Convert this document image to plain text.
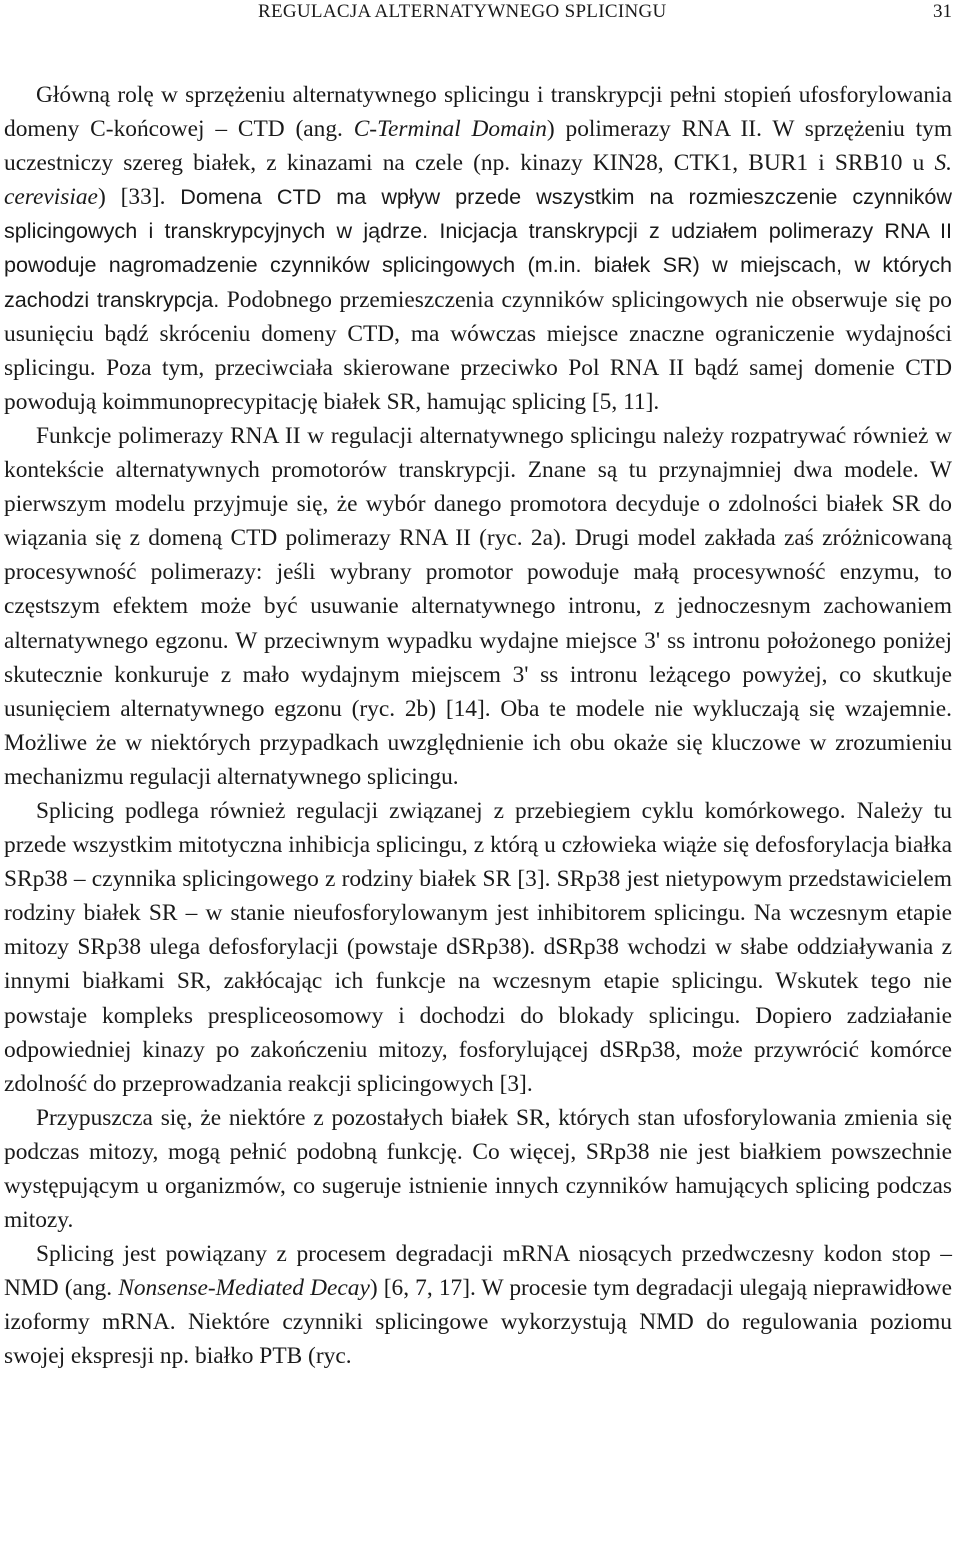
REGULACJA ALTERNATYWNEGO SPLICINGU	31

Główną rolę w sprzężeniu alternatywnego splicingu i transkrypcji pełni stopień ufosforylowania domeny C-końcowej – CTD (ang. C-Terminal Domain) polimerazy RNA II. W sprzężeniu tym uczestniczy szereg białek, z kinazami na czele (np. kinazy KIN28, CTK1, BUR1 i SRB10 u S. cerevisiae) [33]. Domena CTD ma wpływ przede wszystkim na rozmieszczenie czynników splicingowych i transkrypcyjnych w jądrze. Inicjacja transkrypcji z udziałem polimerazy RNA II powoduje nagromadzenie czynników splicingowych (m.in. białek SR) w miejscach, w których zachodzi transkrypcja. Podobnego przemieszczenia czynników splicingowych nie obserwuje się po usunięciu bądź skróceniu domeny CTD, ma wówczas miejsce znaczne ograniczenie wydajności splicingu. Poza tym, przeciwciała skierowane przeciwko Pol RNA II bądź samej domenie CTD powodują koimmunoprecypitację białek SR, hamując splicing [5, 11].

Funkcje polimerazy RNA II w regulacji alternatywnego splicingu należy rozpatrywać również w kontekście alternatywnych promotorów transkrypcji. Znane są tu przynajmniej dwa modele. W pierwszym modelu przyjmuje się, że wybór danego promotora decyduje o zdolności białek SR do wiązania się z domeną CTD polimerazy RNA II (ryc. 2a). Drugi model zakłada zaś zróżnicowaną procesywność polimerazy: jeśli wybrany promotor powoduje małą procesywność enzymu, to częstszym efektem może być usuwanie alternatywnego intronu, z jednoczesnym zachowaniem alternatywnego egzonu. W przeciwnym wypadku wydajne miejsce 3' ss intronu położonego poniżej skutecznie konkuruje z mało wydajnym miejscem 3' ss intronu leżącego powyżej, co skutkuje usunięciem alternatywnego egzonu (ryc. 2b) [14]. Oba te modele nie wykluczają się wzajemnie. Możliwe że w niektórych przypadkach uwzględnienie ich obu okaże się kluczowe w zrozumieniu mechanizmu regulacji alternatywnego splicingu.

Splicing podlega również regulacji związanej z przebiegiem cyklu komórkowego. Należy tu przede wszystkim mitotyczna inhibicja splicingu, z którą u człowieka wiąże się defosforylacja białka SRp38 – czynnika splicingowego z rodziny białek SR [3]. SRp38 jest nietypowym przedstawicielem rodziny białek SR – w stanie nieufosforylowanym jest inhibitorem splicingu. Na wczesnym etapie mitozy SRp38 ulega defosforylacji (powstaje dSRp38). dSRp38 wchodzi w słabe oddziaływania z innymi białkami SR, zakłócając ich funkcje na wczesnym etapie splicingu. Wskutek tego nie powstaje kompleks prespliceosomowy i dochodzi do blokady splicingu. Dopiero zadziałanie odpowiedniej kinazy po zakończeniu mitozy, fosforylującej dSRp38, może przywrócić komórce zdolność do przeprowadzania reakcji splicingowych [3].

Przypuszcza się, że niektóre z pozostałych białek SR, których stan ufosforylowania zmienia się podczas mitozy, mogą pełnić podobną funkcję. Co więcej, SRp38 nie jest białkiem powszechnie występującym u organizmów, co sugeruje istnienie innych czynników hamujących splicing podczas mitozy.

Splicing jest powiązany z procesem degradacji mRNA niosących przedwczesny kodon stop – NMD (ang. Nonsense-Mediated Decay) [6, 7, 17]. W procesie tym degradacji ulegają nieprawidłowe izoformy mRNA. Niektóre czynniki splicingowe wykorzystują NMD do regulowania poziomu swojej ekspresji np. białko PTB (ryc.
